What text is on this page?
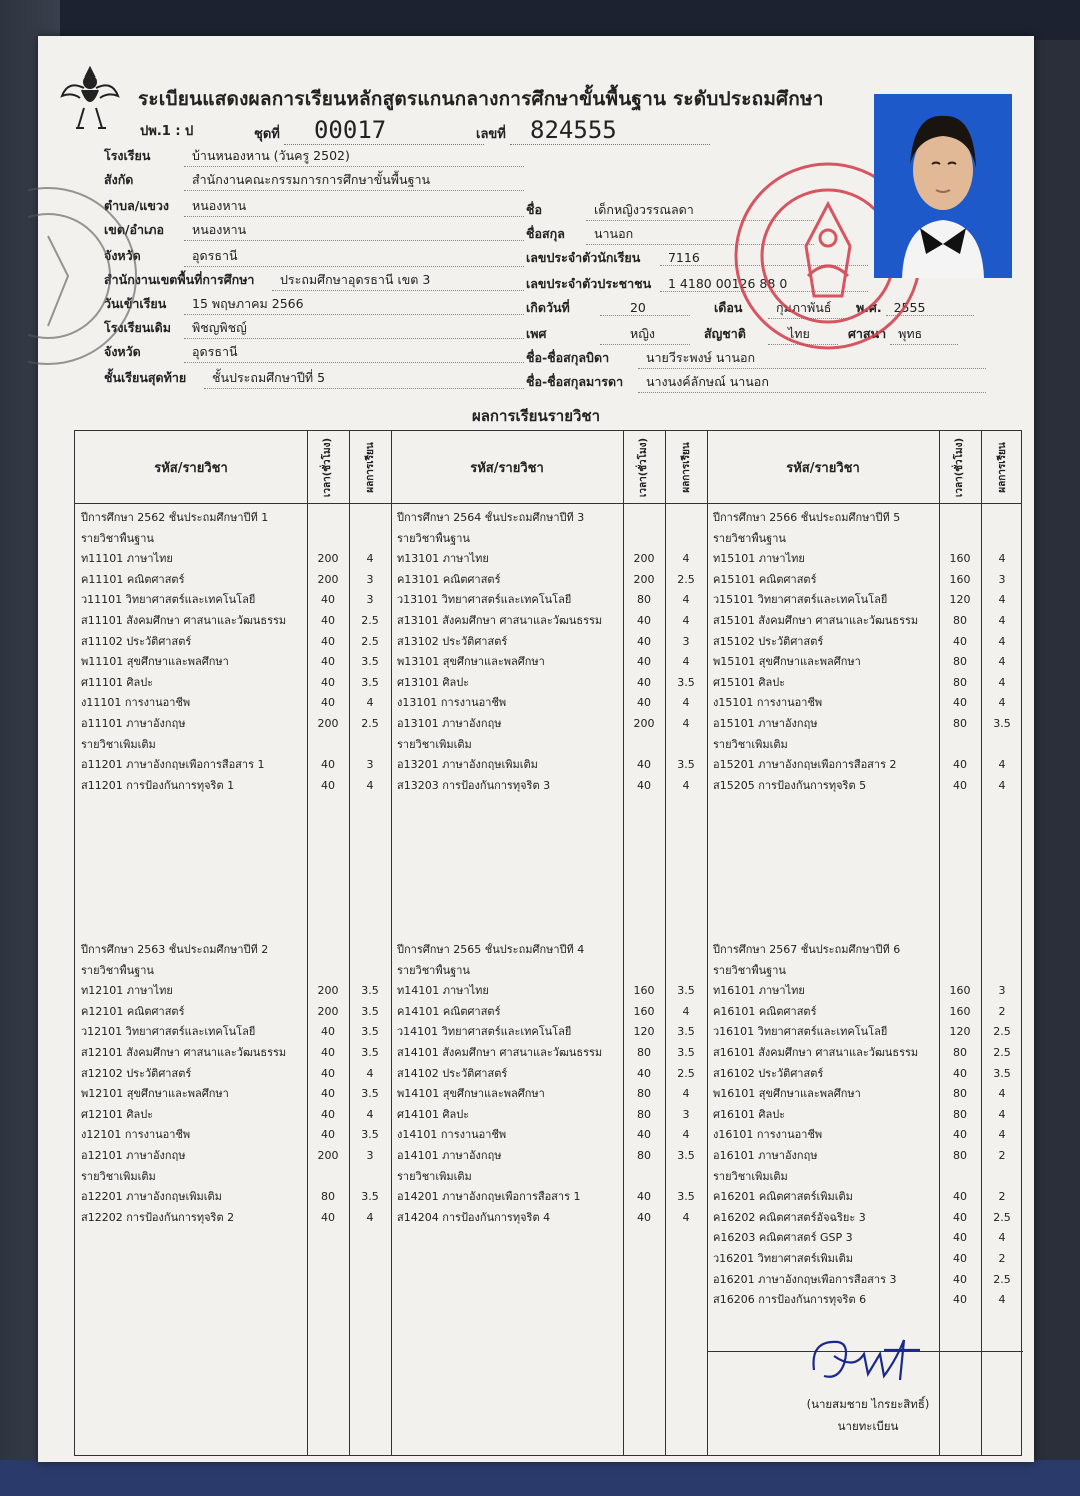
ระเบียนแสดงผลการเรียนหลักสูตรแกนกลางการศึกษาขั้นพื้นฐาน ระดับประถมศึกษา
ปพ.1 : ป	ชุดที่ 00017	เลขที่ 824555
โรงเรียน	บ้านหนองหาน (วันครู 2502)
สังกัด	สำนักงานคณะกรรมการการศึกษาขั้นพื้นฐาน
ตำบล/แขวง หนองหาน
เขต/อำเภอ หนองหาน
จังหวัด	อุดรธานี
สำนักงานเขตพื้นที่การศึกษา ประถมศึกษาอุดรธานี เขต 3
วันเข้าเรียน 15 พฤษภาคม 2566
โรงเรียนเดิม พิชญพิชญ์
จังหวัด	อุดรธานี
ชั้นเรียนสุดท้าย ชั้นประถมศึกษาปีที่ 5
ชื่อ	เด็กหญิงวรรณลดา
ชื่อสกุล นานอก
เลขประจำตัวนักเรียน 7116
เลขประจำตัวประชาชน 1 4180 00126 88 0
เกิดวันที่	20	เดือน	กุมภาพันธ์ พ.ศ. 2555
เพศ	หญิง	สัญชาติ	ไทย	ศาสนา พุทธ
ชื่อ-ชื่อสกุลบิดา	นายวีระพงษ์ นานอก
ชื่อ-ชื่อสกุลมารดา นางนงค์ลักษณ์ นานอก
ผลการเรียนรายวิชา
รหัส/รายวิชา	เวลา(ชั่วโมง)	ผลการเรียน	รหัส/รายวิชา	เวลา(ชั่วโมง)	ผลการเรียน	รหัส/รายวิชา	เวลา(ชั่วโมง)	ผลการเรียน
ปีการศึกษา 2562 ชั้นประถมศึกษาปีที่ 1
รายวิชาพื้นฐาน
ท11101 ภาษาไทย	200	4
ค11101 คณิตศาสตร์	200	3
ว11101 วิทยาศาสตร์และเทคโนโลยี	40	3
ส11101 สังคมศึกษา ศาสนาและวัฒนธรรม	40	2.5
ส11102 ประวัติศาสตร์	40	2.5
พ11101 สุขศึกษาและพลศึกษา	40	3.5
ศ11101 ศิลปะ	40	3.5
ง11101 การงานอาชีพ	40	4
อ11101 ภาษาอังกฤษ	200	2.5
รายวิชาเพิ่มเติม
อ11201 ภาษาอังกฤษเพื่อการสื่อสาร 1	40	3
ส11201 การป้องกันการทุจริต 1	40	4
ปีการศึกษา 2563 ชั้นประถมศึกษาปีที่ 2
รายวิชาพื้นฐาน
ท12101 ภาษาไทย	200	3.5
ค12101 คณิตศาสตร์	200	3.5
ว12101 วิทยาศาสตร์และเทคโนโลยี	40	3.5
ส12101 สังคมศึกษา ศาสนาและวัฒนธรรม	40	3.5
ส12102 ประวัติศาสตร์	40	4
พ12101 สุขศึกษาและพลศึกษา	40	3.5
ศ12101 ศิลปะ	40	4
ง12101 การงานอาชีพ	40	3.5
อ12101 ภาษาอังกฤษ	200	3
รายวิชาเพิ่มเติม
อ12201 ภาษาอังกฤษเพิ่มเติม	80	3.5
ส12202 การป้องกันการทุจริต 2	40	4
ปีการศึกษา 2564 ชั้นประถมศึกษาปีที่ 3
รายวิชาพื้นฐาน
ท13101 ภาษาไทย	200	4
ค13101 คณิตศาสตร์	200	2.5
ว13101 วิทยาศาสตร์และเทคโนโลยี	80	4
ส13101 สังคมศึกษา ศาสนาและวัฒนธรรม	40	4
ส13102 ประวัติศาสตร์	40	3
พ13101 สุขศึกษาและพลศึกษา	40	4
ศ13101 ศิลปะ	40	3.5
ง13101 การงานอาชีพ	40	4
อ13101 ภาษาอังกฤษ	200	4
รายวิชาเพิ่มเติม
อ13201 ภาษาอังกฤษเพิ่มเติม	40	3.5
ส13203 การป้องกันการทุจริต 3	40	4
ปีการศึกษา 2565 ชั้นประถมศึกษาปีที่ 4
รายวิชาพื้นฐาน
ท14101 ภาษาไทย	160	3.5
ค14101 คณิตศาสตร์	160	4
ว14101 วิทยาศาสตร์และเทคโนโลยี	120	3.5
ส14101 สังคมศึกษา ศาสนาและวัฒนธรรม	80	3.5
ส14102 ประวัติศาสตร์	40	2.5
พ14101 สุขศึกษาและพลศึกษา	80	4
ศ14101 ศิลปะ	80	3
ง14101 การงานอาชีพ	40	4
อ14101 ภาษาอังกฤษ	80	3.5
รายวิชาเพิ่มเติม
อ14201 ภาษาอังกฤษเพื่อการสื่อสาร 1	40	3.5
ส14204 การป้องกันการทุจริต 4	40	4
ปีการศึกษา 2566 ชั้นประถมศึกษาปีที่ 5
รายวิชาพื้นฐาน
ท15101 ภาษาไทย	160	4
ค15101 คณิตศาสตร์	160	3
ว15101 วิทยาศาสตร์และเทคโนโลยี	120	4
ส15101 สังคมศึกษา ศาสนาและวัฒนธรรม	80	4
ส15102 ประวัติศาสตร์	40	4
พ15101 สุขศึกษาและพลศึกษา	80	4
ศ15101 ศิลปะ	80	4
ง15101 การงานอาชีพ	40	4
อ15101 ภาษาอังกฤษ	80	3.5
รายวิชาเพิ่มเติม
อ15201 ภาษาอังกฤษเพื่อการสื่อสาร 2	40	4
ส15205 การป้องกันการทุจริต 5	40	4
ปีการศึกษา 2567 ชั้นประถมศึกษาปีที่ 6
รายวิชาพื้นฐาน
ท16101 ภาษาไทย	160	3
ค16101 คณิตศาสตร์	160	2
ว16101 วิทยาศาสตร์และเทคโนโลยี	120	2.5
ส16101 สังคมศึกษา ศาสนาและวัฒนธรรม	80	2.5
ส16102 ประวัติศาสตร์	40	3.5
พ16101 สุขศึกษาและพลศึกษา	80	4
ศ16101 ศิลปะ	80	4
ง16101 การงานอาชีพ	40	4
อ16101 ภาษาอังกฤษ	80	2
รายวิชาเพิ่มเติม
ค16201 คณิตศาสตร์เพิ่มเติม	40	2
ค16202 คณิตศาสตร์อัจฉริยะ 3	40	2.5
ค16203 คณิตศาสตร์ GSP 3	40	4
ว16201 วิทยาศาสตร์เพิ่มเติม	40	2
อ16201 ภาษาอังกฤษเพื่อการสื่อสาร 3	40	2.5
ส16206 การป้องกันการทุจริต 6	40	4
(นายสมชาย ไกรยะสิทธิ์)
นายทะเบียน
